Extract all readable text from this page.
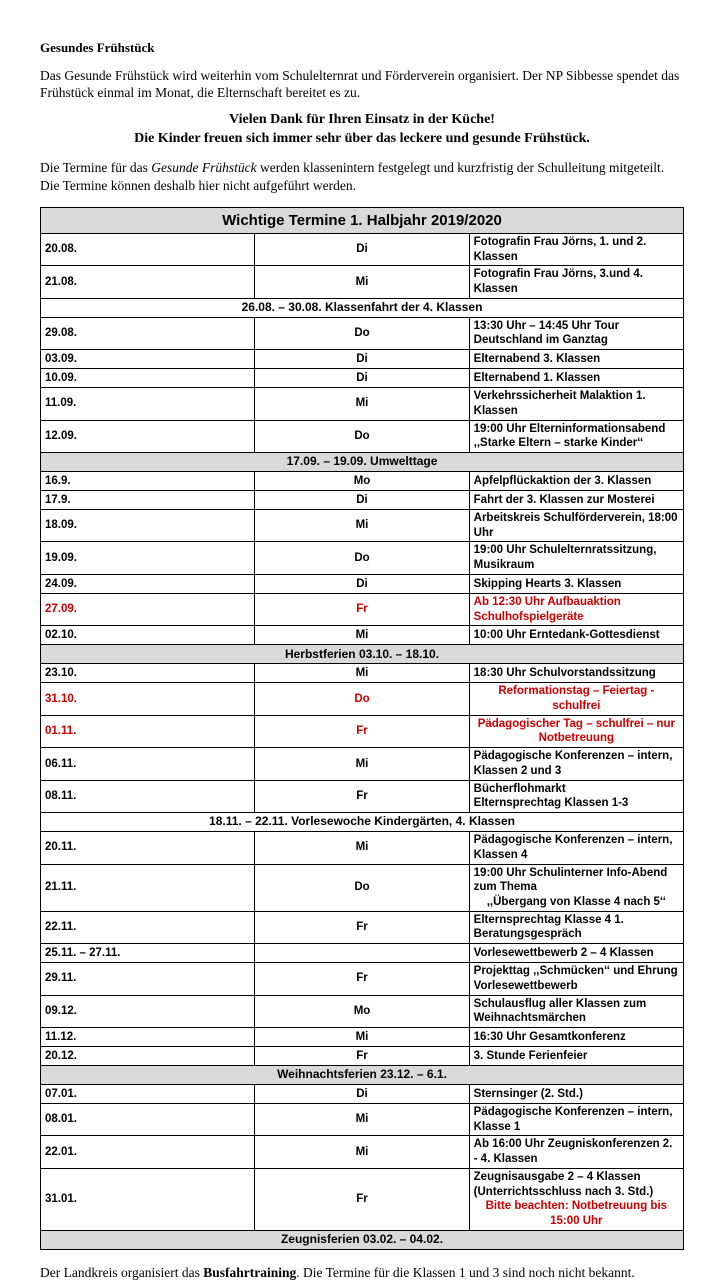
Gesundes Frühstück

Das Gesunde Frühstück wird weiterhin vom Schulelternrat und Förderverein organisiert. Der NP Sibbesse spendet das Frühstück einmal im Monat, die Elternschaft bereitet es zu.

Vielen Dank für Ihren Einsatz in der Küche!

Die Kinder freuen sich immer sehr über das leckere und gesunde Frühstück.

Die Termine für das Gesunde Frühstück werden klassenintern festgelegt und kurzfristig der Schulleitung mitgeteilt. Die Termine können deshalb hier nicht aufgeführt werden.

Wichtige Termine 1. Halbjahr 2019/2020		
20.08.	Di	Fotografin Frau Jörns, 1. und 2. Klassen
21.08.	Mi	Fotografin Frau Jörns, 3.und 4. Klassen
26.08. – 30.08. Klassenfahrt der 4. Klassen		
29.08.	Do	13:30 Uhr – 14:45 Uhr Tour Deutschland im Ganztag
03.09.	Di	Elternabend 3. Klassen
10.09.	Di	Elternabend 1. Klassen
11.09.	Mi	Verkehrssicherheit Malaktion 1. Klassen
12.09.	Do	19:00 Uhr Elterninformationsabend ,,Starke Eltern – starke Kinder‘‘
17.09. – 19.09. Umwelttage		
16.9.	Mo	Apfelpflückaktion der 3. Klassen
17.9.	Di	Fahrt der 3. Klassen zur Mosterei
18.09.	Mi	Arbeitskreis Schulförderverein, 18:00 Uhr
19.09.	Do	19:00 Uhr Schulelternratssitzung, Musikraum
24.09.	Di	Skipping Hearts 3. Klassen
27.09.	Fr	Ab 12:30 Uhr Aufbauaktion Schulhofspielgeräte
02.10.	Mi	10:00 Uhr Erntedank-Gottesdienst
Herbstferien 03.10. – 18.10.		
23.10.	Mi	18:30 Uhr Schulvorstandssitzung
31.10.	Do	Reformationstag – Feiertag - schulfrei
01.11.	Fr	Pädagogischer Tag – schulfrei – nur Notbetreuung
06.11.	Mi	Pädagogische Konferenzen – intern, Klassen 2 und 3
08.11.	Fr	Bücherflohmarkt
Elternsprechtag Klassen 1-3

18.11. – 22.11. Vorlesewoche Kindergärten, 4. Klassen		
20.11.	Mi	Pädagogische Konferenzen – intern, Klassen 4
21.11.	Do	19:00 Uhr Schulinterner Info-Abend zum Thema
,,Übergang von Klasse 4 nach 5‘‘

22.11.	Fr	Elternsprechtag Klasse 4 1. Beratungsgespräch
25.11. – 27.11.		Vorlesewettbewerb 2 – 4 Klassen
29.11.	Fr	Projekttag ,,Schmücken‘‘ und Ehrung Vorlesewettbewerb
09.12.	Mo	Schulausflug aller Klassen zum Weihnachtsmärchen
11.12.	Mi	16:30 Uhr Gesamtkonferenz
20.12.	Fr	3. Stunde Ferienfeier
Weihnachtsferien 23.12. – 6.1.		
07.01.	Di	Sternsinger (2. Std.)
08.01.	Mi	Pädagogische Konferenzen – intern, Klasse 1
22.01.	Mi	Ab 16:00 Uhr Zeugniskonferenzen 2. - 4. Klassen
31.01.	Fr	Zeugnisausgabe 2 – 4 Klassen (Unterrichtsschluss nach 3. Std.)
Bitte beachten: Notbetreuung bis 15:00 Uhr

Zeugnisferien 03.02. – 04.02.		

Der Landkreis organisiert das Busfahrtraining. Die Termine für die Klassen 1 und 3 sind noch nicht bekannt.
